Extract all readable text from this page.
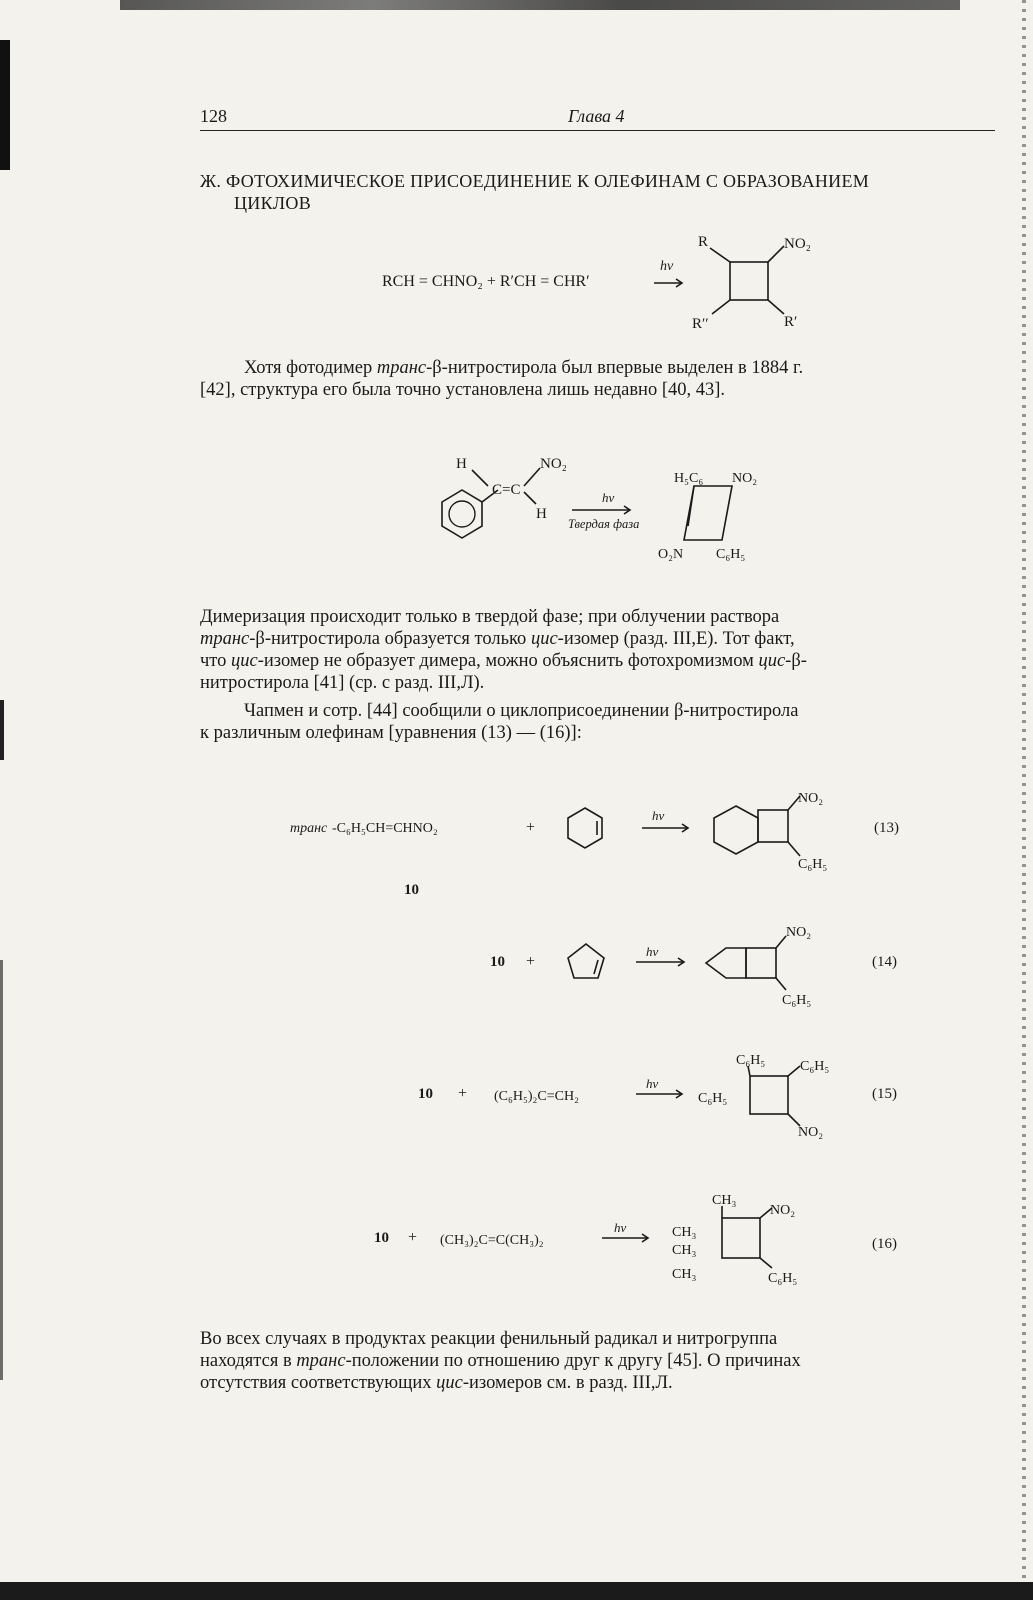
128	Глава 4
Ж. ФОТОХИМИЧЕСКОЕ ПРИСОЕДИНЕНИЕ К ОЛЕФИНАМ С ОБРАЗОВАНИЕМ
ЦИКЛОВ
RCH = CHNO₂ + R′CH = CHR′
hν
R	NO₂
R′′	R′
Хотя фотодимер транс-β-нитростирола был впервые выделен в 1884 г.
[42], структура его была точно установлена лишь недавно [40, 43].
H	NO₂
C=C
H
hν
Твердая фаза
H₅C₆ NO₂
O₂N C₆H₅
Димеризация происходит только в твердой фазе; при облучении раствора
транс-β-нитростирола образуется только цис-изомер (разд. III,Е). Тот факт,
что цис-изомер не образует димера, можно объяснить фотохромизмом цис-β-
нитростирола [41] (ср. с разд. III,Л).
Чапмен и сотр. [44] сообщили о циклоприсоединении β-нитростирола
к различным олефинам [уравнения (13) — (16)]:
транс -C₆H₅CH=CHNO₂	+
hν
NO₂
C₆H₅
(13)
10
10 +
hν
NO₂
C₆H₅
(14)
10 + (C₆H₅)₂C=CH₂
hν
C₆H₅ C₆H₅
C₆H₅
NO₂
(15)
10 + (CH₃)₂C=C(CH₃)₂
hν
CH₃
NO₂
CH₃
CH₃
CH₃	C₆H₅
(16)
Во всех случаях в продуктах реакции фенильный радикал и нитрогруппа
находятся в транс-положении по отношению друг к другу [45]. О причинах
отсутствия соответствующих цис-изомеров см. в разд. III,Л.
